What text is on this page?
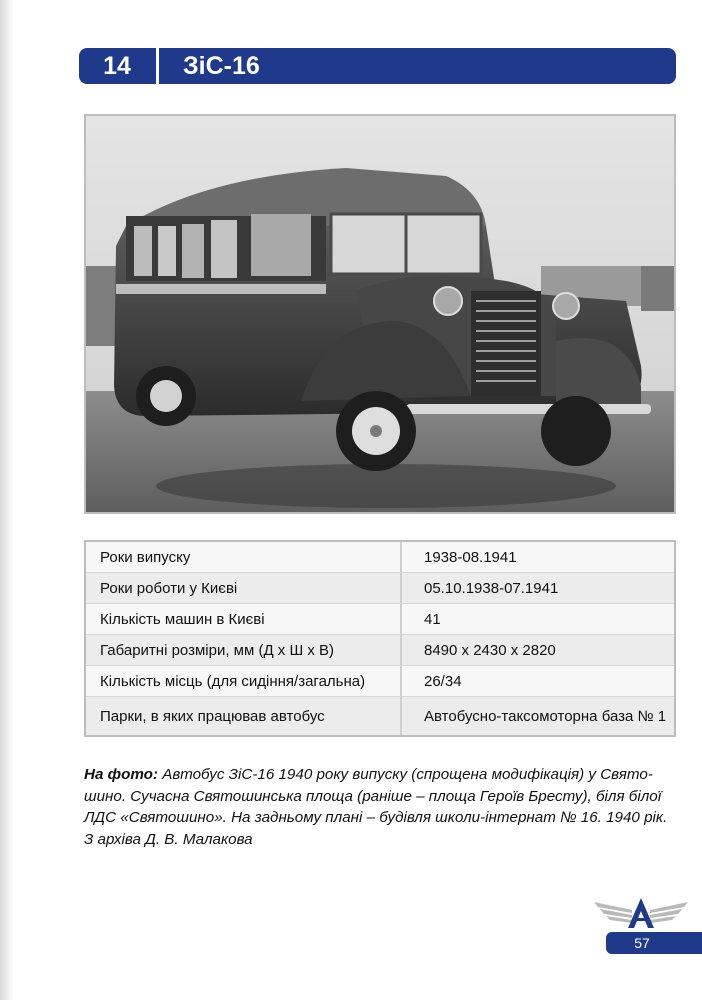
14	ЗіС-16
Роки випуску	1938-08.1941
Роки роботи у Києві	05.10.1938-07.1941
Кількість машин в Києві	41
Габаритні розміри, мм (Д х Ш х В)	8490 х 2430 х 2820
Кількість місць (для сидіння/загальна)	26/34
Парки, в яких працював автобус	Автобусно-таксомоторна база № 1
На фото: Автобус ЗіС-16 1940 року випуску (спрощена модифікація) у Свято-
шино. Сучасна Святошинська площа (раніше – площа Героїв Бресту), біля білої
ЛДС «Святошино». На задньому плані – будівля школи-інтернат № 16. 1940 рік.
З архіва Д. В. Малакова
57
